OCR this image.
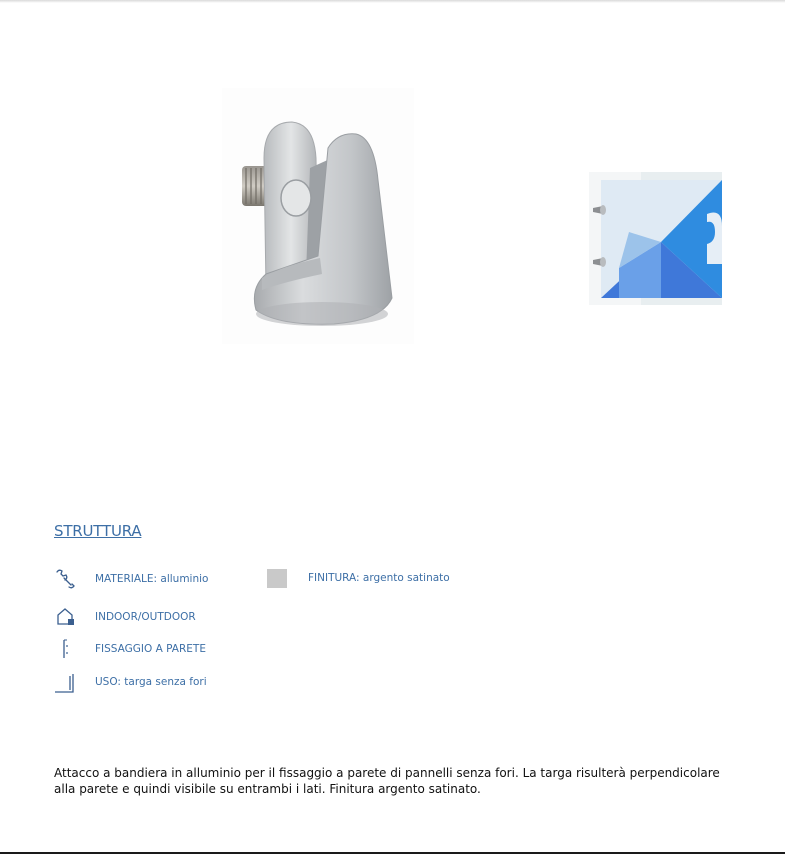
STRUTTURA
MATERIALE: alluminio	FINITURA: argento satinato
INDOOR/OUTDOOR
FISSAGGIO A PARETE
USO: targa senza fori
Attacco a bandiera in alluminio per il fissaggio a parete di pannelli senza fori. La targa risulterà perpendicolare alla parete e quindi visibile su entrambi i lati. Finitura argento satinato.
